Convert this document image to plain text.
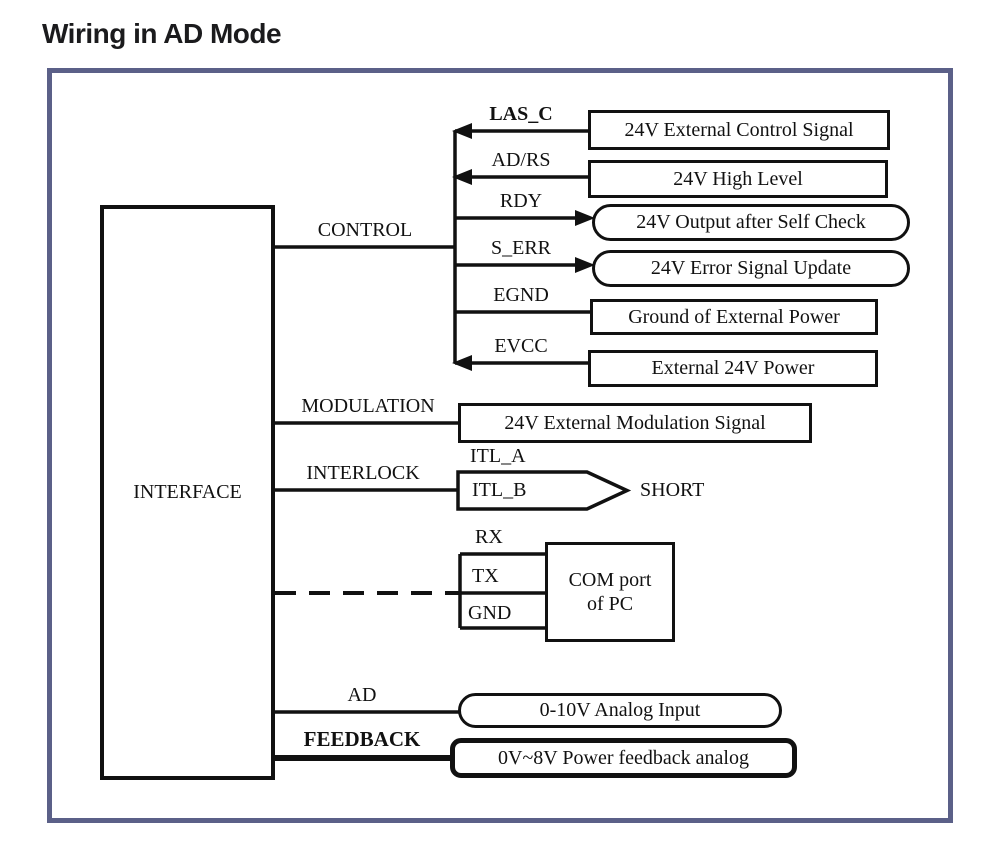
Wiring in AD Mode
INTERFACE
CONTROL
MODULATION
INTERLOCK
AD
FEEDBACK
LAS_C
AD/RS
RDY
S_ERR
EGND
EVCC
ITL_A
ITL_B	SHORT
RX
TX
GND
24V External Control Signal
24V High Level
24V Output after Self Check
24V Error Signal Update
Ground of External Power
External 24V Power
24V External Modulation Signal
COM port
of PC
0-10V Analog Input
0V~8V Power feedback analog
